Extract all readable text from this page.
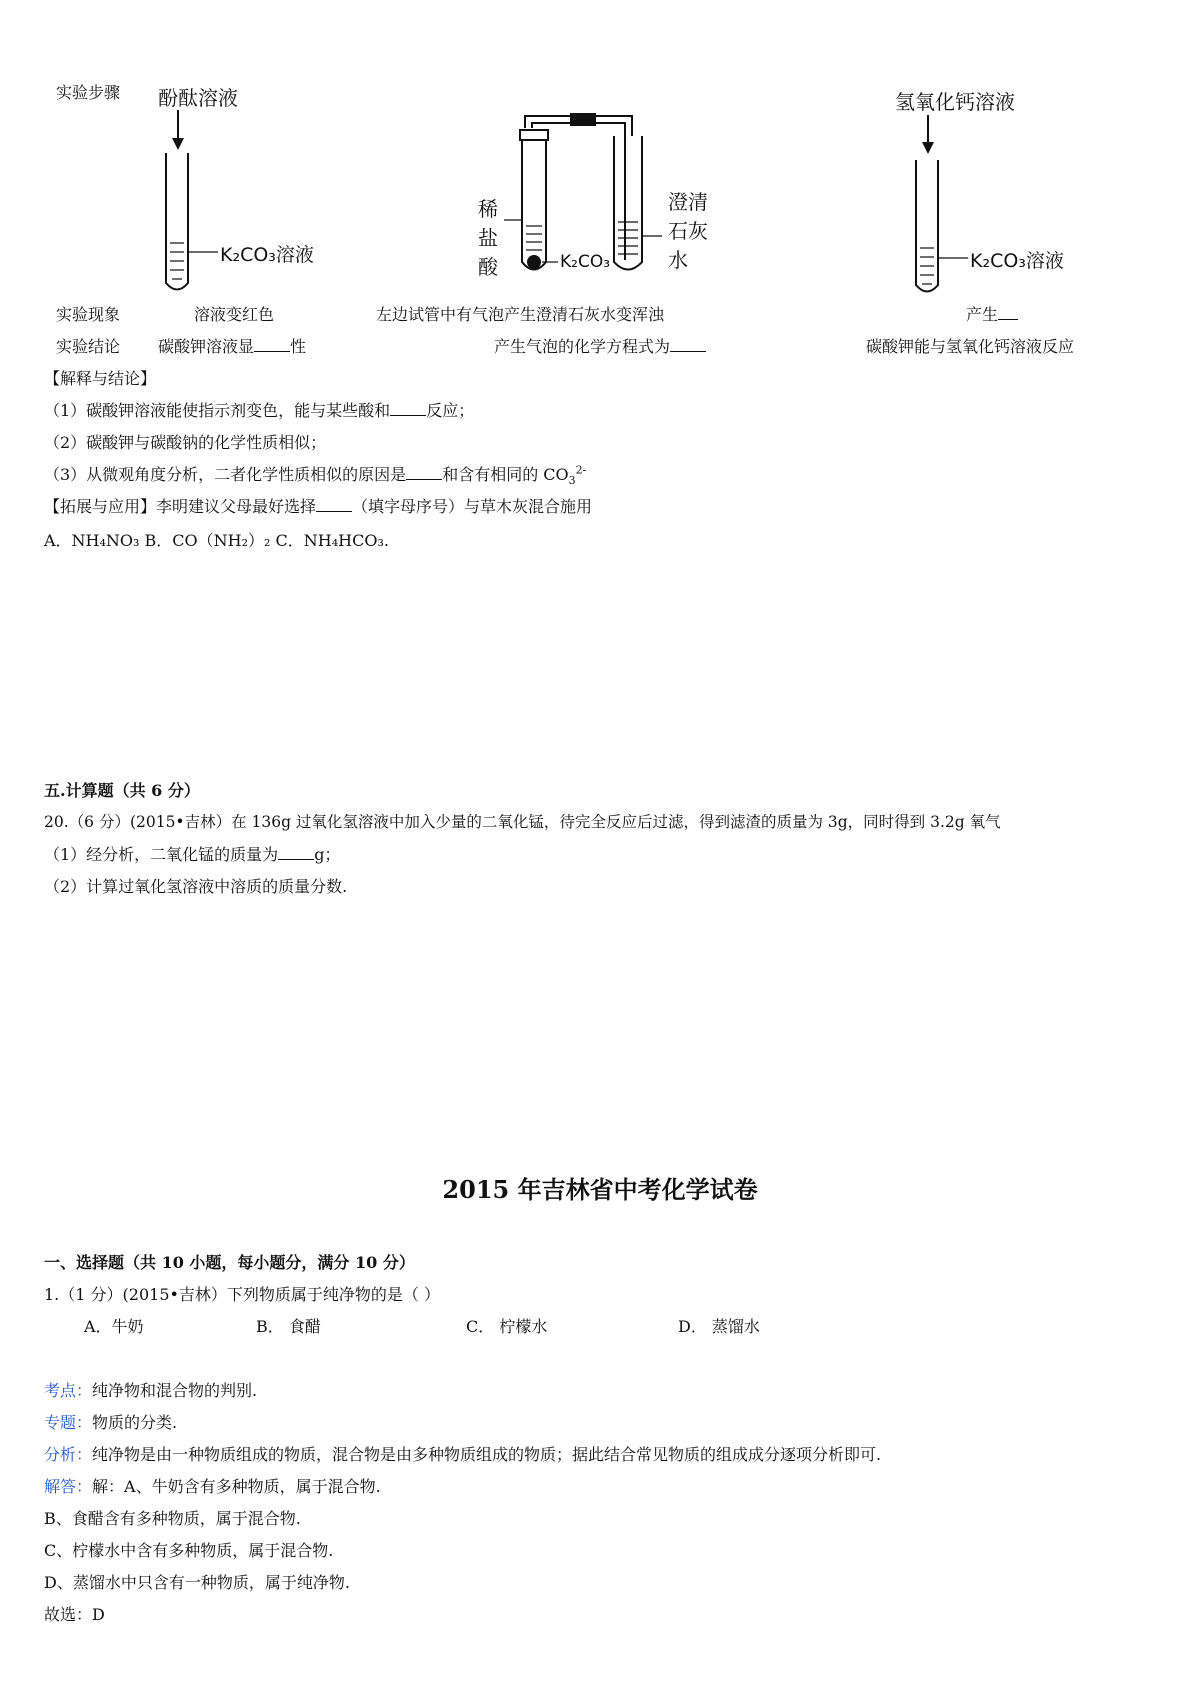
实验步骤 酚酞溶液
K₂CO₃溶液
稀
盐
酸	K₂CO₃
澄清
石灰
水
氢氧化钙溶液
K₂CO₃溶液
实验现象	溶液变红色	左边试管中有气泡产生澄清石灰水变浑浊	产生
实验结论 碳酸钾溶液显 性	产生气泡的化学方程式为	碳酸钾能与氢氧化钙溶液反应
【解释与结论】
（1）碳酸钾溶液能使指示剂变色，能与某些酸和 反应；
（2）碳酸钾与碳酸钠的化学性质相似；
（3）从微观角度分析，二者化学性质相似的原因是 和含有相同的 $CO_3^{2-}$
【拓展与应用】李明建议父母最好选择 （填字母序号）与草木灰混合施用
A．NH₄NO₃ B．CO（NH₂）₂ C．NH₄HCO₃.
五.计算题（共 6 分）
20.（6 分）(2015•吉林）在 136g 过氧化氢溶液中加入少量的二氧化锰，待完全反应后过滤，得到滤渣的质量为 3g，同时得到 3.2g 氧气
（1）经分析，二氧化锰的质量为 g；
（2）计算过氧化氢溶液中溶质的质量分数.
2015 年吉林省中考化学试卷
一、选择题（共 10 小题，每小题分，满分 10 分）
1.（1 分）(2015•吉林）下列物质属于纯净物的是（ ）
A．牛奶	B． 食醋	C． 柠檬水	D． 蒸馏水
考点：纯净物和混合物的判别.
专题：物质的分类.
分析：纯净物是由一种物质组成的物质，混合物是由多种物质组成的物质；据此结合常见物质的组成成分逐项分析即可.
解答：解：A、牛奶含有多种物质，属于混合物.
B、食醋含有多种物质，属于混合物.
C、柠檬水中含有多种物质，属于混合物.
D、蒸馏水中只含有一种物质，属于纯净物.
故选：D
